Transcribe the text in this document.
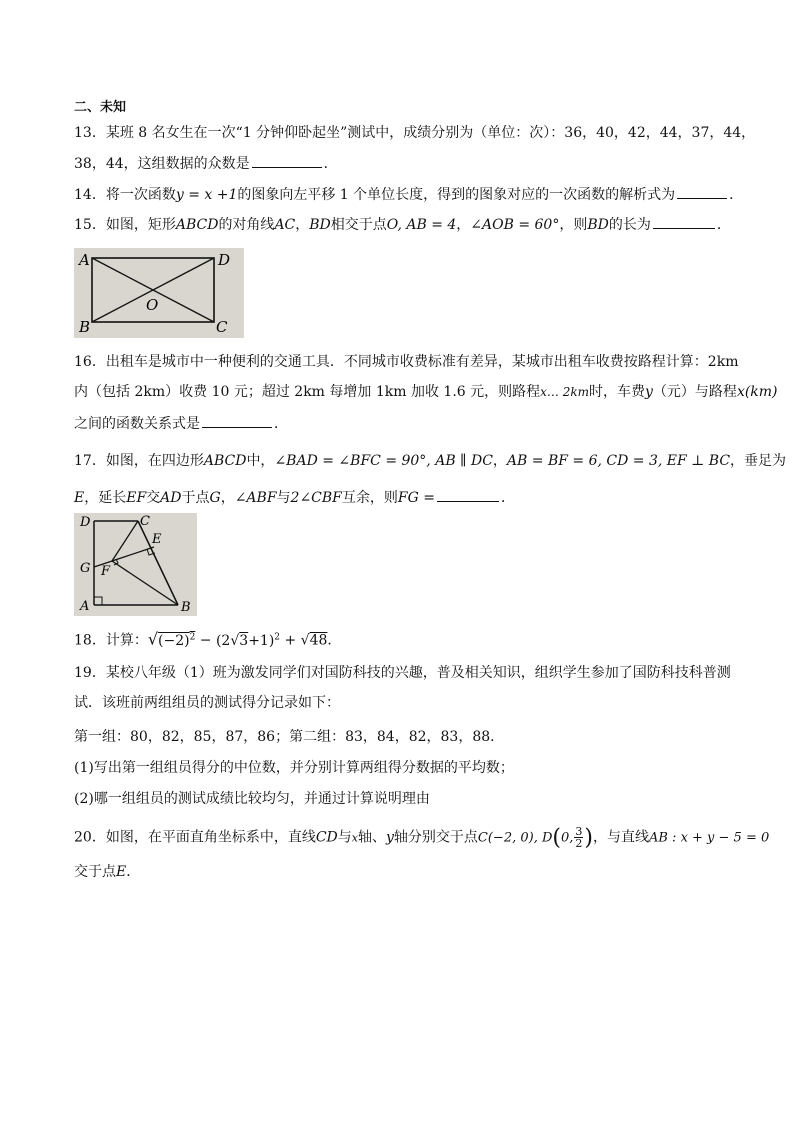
二、未知
13．某班 8 名女生在一次“1 分钟仰卧起坐”测试中，成绩分别为（单位：次）：36，40，42，44，37，44，
38，44，这组数据的众数是	．
14．将一次函数y = x +1的图象向左平移 1 个单位长度，得到的图象对应的一次函数的解析式为	．
15．如图，矩形ABCD的对角线AC，BD相交于点O, AB = 4，∠AOB = 60°，则BD的长为	．
A	D
B	C
O
16．出租车是城市中一种便利的交通工具．不同城市收费标准有差异，某城市出租车收费按路程计算：2km
内（包括 2km）收费 10 元；超过 2km 每增加 1km 加收 1.6 元，则路程x… 2km时，车费y（元）与路程x(km)
之间的函数关系式是	．
17．如图，在四边形ABCD中，∠BAD = ∠BFC = 90°, AB ∥ DC，AB = BF = 6, CD = 3, EF ⊥ BC，垂足为
E，延长EF交AD于点G，∠ABF与2∠CBF互余，则FG =	．
D	C
E
F
G
A	B
18．计算：$√(-2)^2 - (2√3+1)^2 + √48$．
19．某校八年级（1）班为激发同学们对国防科技的兴趣，普及相关知识，组织学生参加了国防科技科普测
试．该班前两组组员的测试得分记录如下：
第一组：80，82，85，87，86；第二组：83，84，82，83，88．
(1)写出第一组组员得分的中位数，并分别计算两组得分数据的平均数；
(2)哪一组组员的测试成绩比较均匀，并通过计算说明理由
20．如图，在平面直角坐标系中，直线CD与x轴、y轴分别交于点C(−2, 0), D(0, $\frac{3}{2}$ )，与直线AB : x + y − 5 = 0
交于点E．
